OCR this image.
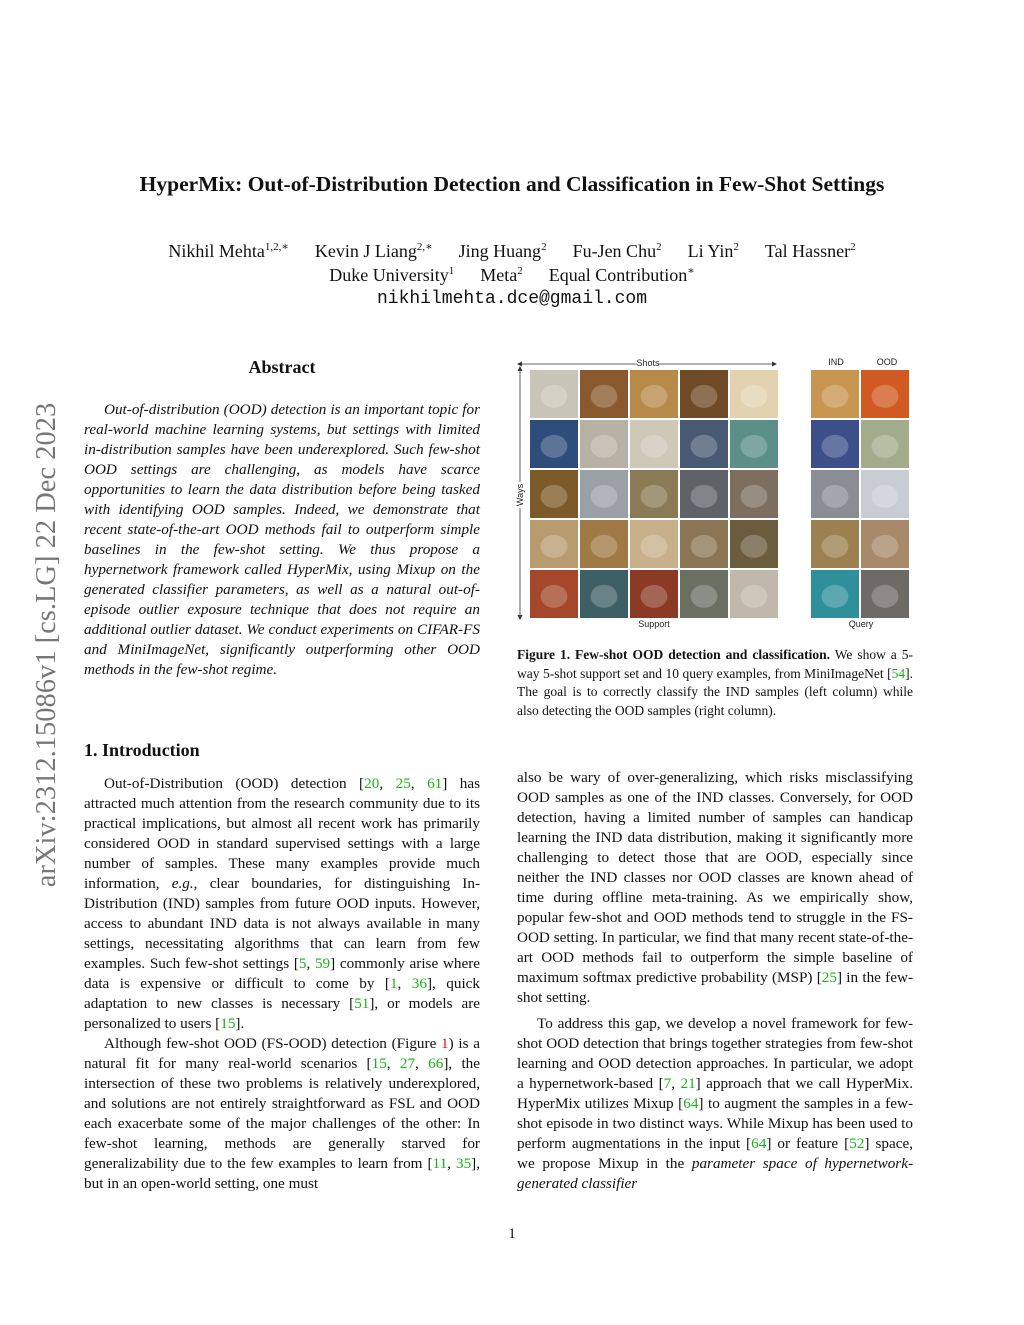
arXiv:2312.15086v1 [cs.LG] 22 Dec 2023
HyperMix: Out-of-Distribution Detection and Classification in Few-Shot Settings
Nikhil Mehta$^{1,2,∗}$ Kevin J Liang$^{2,∗}$ Jing Huang$^2$ Fu-Jen Chu$^2$ Li Yin$^2$ Tal Hassner$^2$
Duke University$^1$ Meta$^2$ Equal Contribution∗
nikhilmehta.dce@gmail.com
Abstract
Out-of-distribution (OOD) detection is an important topic for real-world machine learning systems, but settings with limited in-distribution samples have been underexplored. Such few-shot OOD settings are challenging, as models have scarce opportunities to learn the data distribution before being tasked with identifying OOD samples. Indeed, we demonstrate that recent state-of-the-art OOD methods fail to outperform simple baselines in the few-shot setting. We thus propose a hypernetwork framework called HyperMix, using Mixup on the generated classifier parameters, as well as a natural out-of-episode outlier exposure technique that does not require an additional outlier dataset. We conduct experiments on CIFAR-FS and MiniImageNet, significantly outperforming other OOD methods in the few-shot regime.
1. Introduction
Out-of-Distribution (OOD) detection [20, 25, 61] has attracted much attention from the research community due to its practical implications, but almost all recent work has primarily considered OOD in standard supervised settings with a large number of samples. These many examples provide much information, e.g., clear boundaries, for distinguishing In-Distribution (IND) samples from future OOD inputs. However, access to abundant IND data is not always available in many settings, necessitating algorithms that can learn from few examples. Such few-shot settings [5, 59] commonly arise where data is expensive or difficult to come by [1, 36], quick adaptation to new classes is necessary [51], or models are personalized to users [15].
Although few-shot OOD (FS-OOD) detection (Figure 1) is a natural fit for many real-world scenarios [15, 27, 66], the intersection of these two problems is relatively underexplored, and solutions are not entirely straightforward as FSL and OOD each exacerbate some of the major challenges of the other: In few-shot learning, methods are generally starved for generalizability due to the few examples to learn from [11, 35], but in an open-world setting, one must
Shots
Ways
IND	OOD
Support	Query
Figure 1. Few-shot OOD detection and classification. We show a 5-way 5-shot support set and 10 query examples, from MiniImageNet [54]. The goal is to correctly classify the IND samples (left column) while also detecting the OOD samples (right column).
also be wary of over-generalizing, which risks misclassifying OOD samples as one of the IND classes. Conversely, for OOD detection, having a limited number of samples can handicap learning the IND data distribution, making it significantly more challenging to detect those that are OOD, especially since neither the IND classes nor OOD classes are known ahead of time during offline meta-training. As we empirically show, popular few-shot and OOD methods tend to struggle in the FS-OOD setting. In particular, we find that many recent state-of-the-art OOD methods fail to outperform the simple baseline of maximum softmax predictive probability (MSP) [25] in the few-shot setting.
To address this gap, we develop a novel framework for few-shot OOD detection that brings together strategies from few-shot learning and OOD detection approaches. In particular, we adopt a hypernetwork-based [7, 21] approach that we call HyperMix. HyperMix utilizes Mixup [64] to augment the samples in a few-shot episode in two distinct ways. While Mixup has been used to perform augmentations in the input [64] or feature [52] space, we propose Mixup in the parameter space of hypernetwork-generated classifier
1
